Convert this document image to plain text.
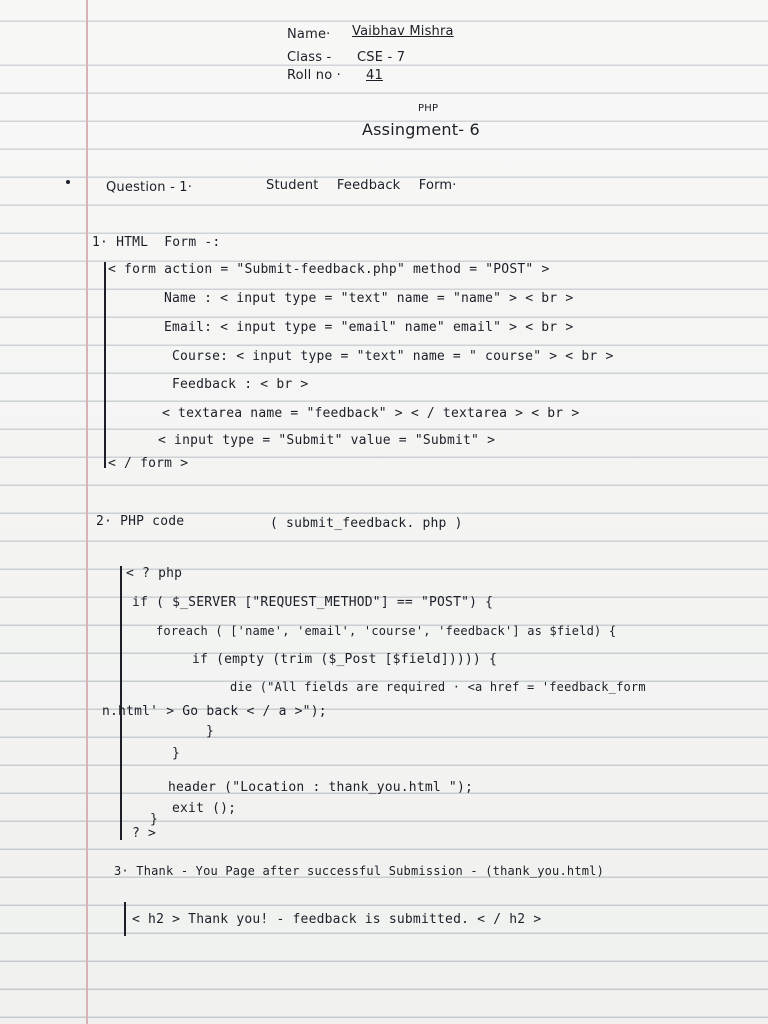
Name· Vaibhav Mishra
Class - CSE - 7
Roll no · 41
PHP
Assingment- 6
Question - 1·	Student Feedback Form·
1· HTML  Form -:
< form action = "Submit-feedback.php" method = "POST" >
Name : < input type = "text" name = "name" > < br >
Email: < input type = "email" name" email" > < br >
Course: < input type = "text" name = " course" > < br >
Feedback : < br >
< textarea name = "feedback" > < / textarea > < br >
< input type = "Submit" value = "Submit" >
< / form >
2· PHP code	( submit_feedback. php )
< ? php
if ( $_SERVER ["REQUEST_METHOD"] == "POST") {
foreach ( ['name', 'email', 'course', 'feedback'] as $field) {
if (empty (trim ($_Post [$field])))) {
die ("All fields are required · <a href = 'feedback_form
n.html' > Go back < / a >");
}
}
header ("Location : thank_you.html ");
exit ();
}
? >
3· Thank - You Page after successful Submission - (thank_you.html)
< h2 > Thank you! - feedback is submitted. < / h2 >
